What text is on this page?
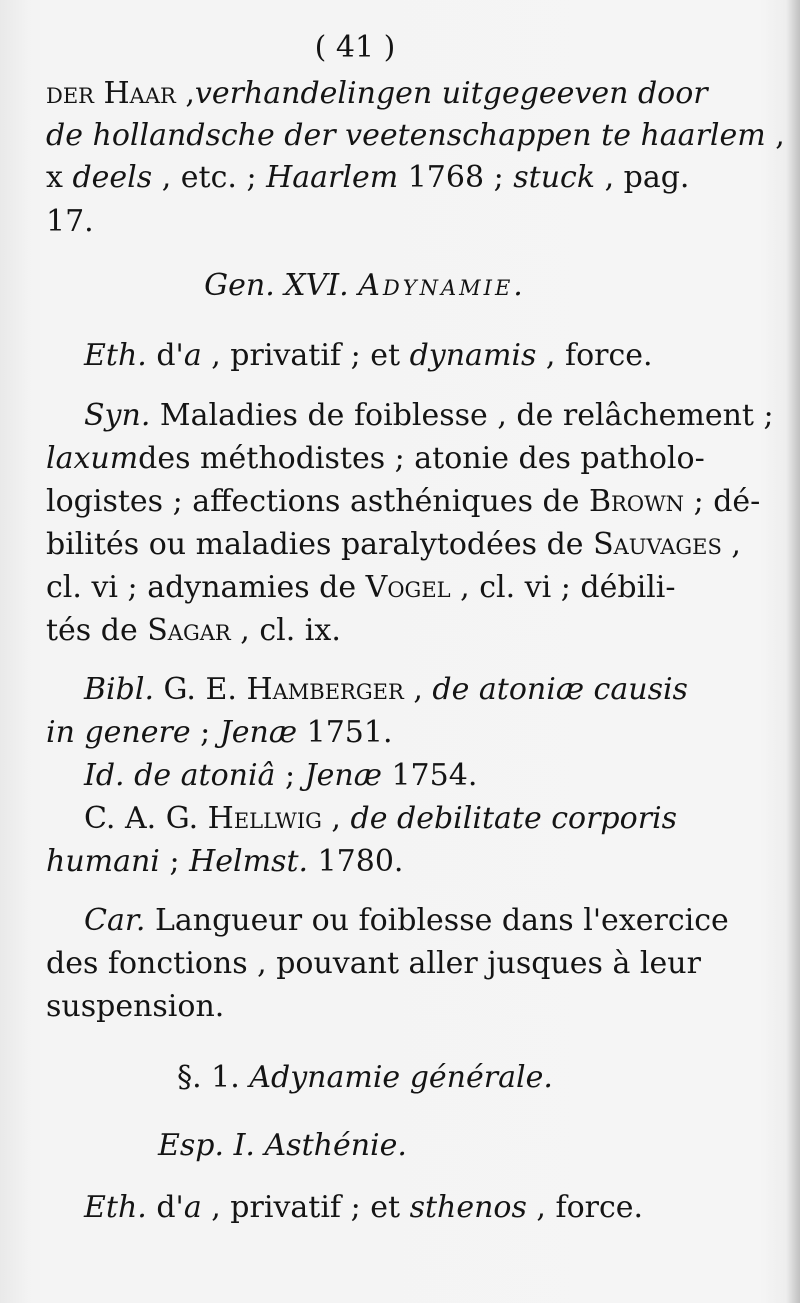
( 41 )
der Haar , verhandelingen uitgegeeven door
de hollandsche der veetenschappen te haarlem ,
x deels , etc. ; Haarlem 1768 ; stuck , pag.
17.
Gen. XVI. Adynamie.
Eth. d'a , privatif ; et dynamis , force.
Syn. Maladies de foiblesse , de relâchement ;
laxum des méthodistes ; atonie des patholo-
logistes ; affections asthéniques de Brown ; dé-
bilités ou maladies paralytodées de Sauvages ,
cl. vi ; adynamies de Vogel , cl. vi ; débili-
tés de Sagar , cl. ix.
Bibl. G. E. Hamberger , de atoniæ causis
in genere ; Jenæ 1751.
Id. de atoniâ ; Jenæ 1754.
C. A. G. Hellwig , de debilitate corporis
humani ; Helmst. 1780.
Car. Langueur ou foiblesse dans l'exercice
des fonctions , pouvant aller jusques à leur
suspension.
§. 1. Adynamie générale.
Esp. I. Asthénie.
Eth. d'a , privatif ; et sthenos , force.
